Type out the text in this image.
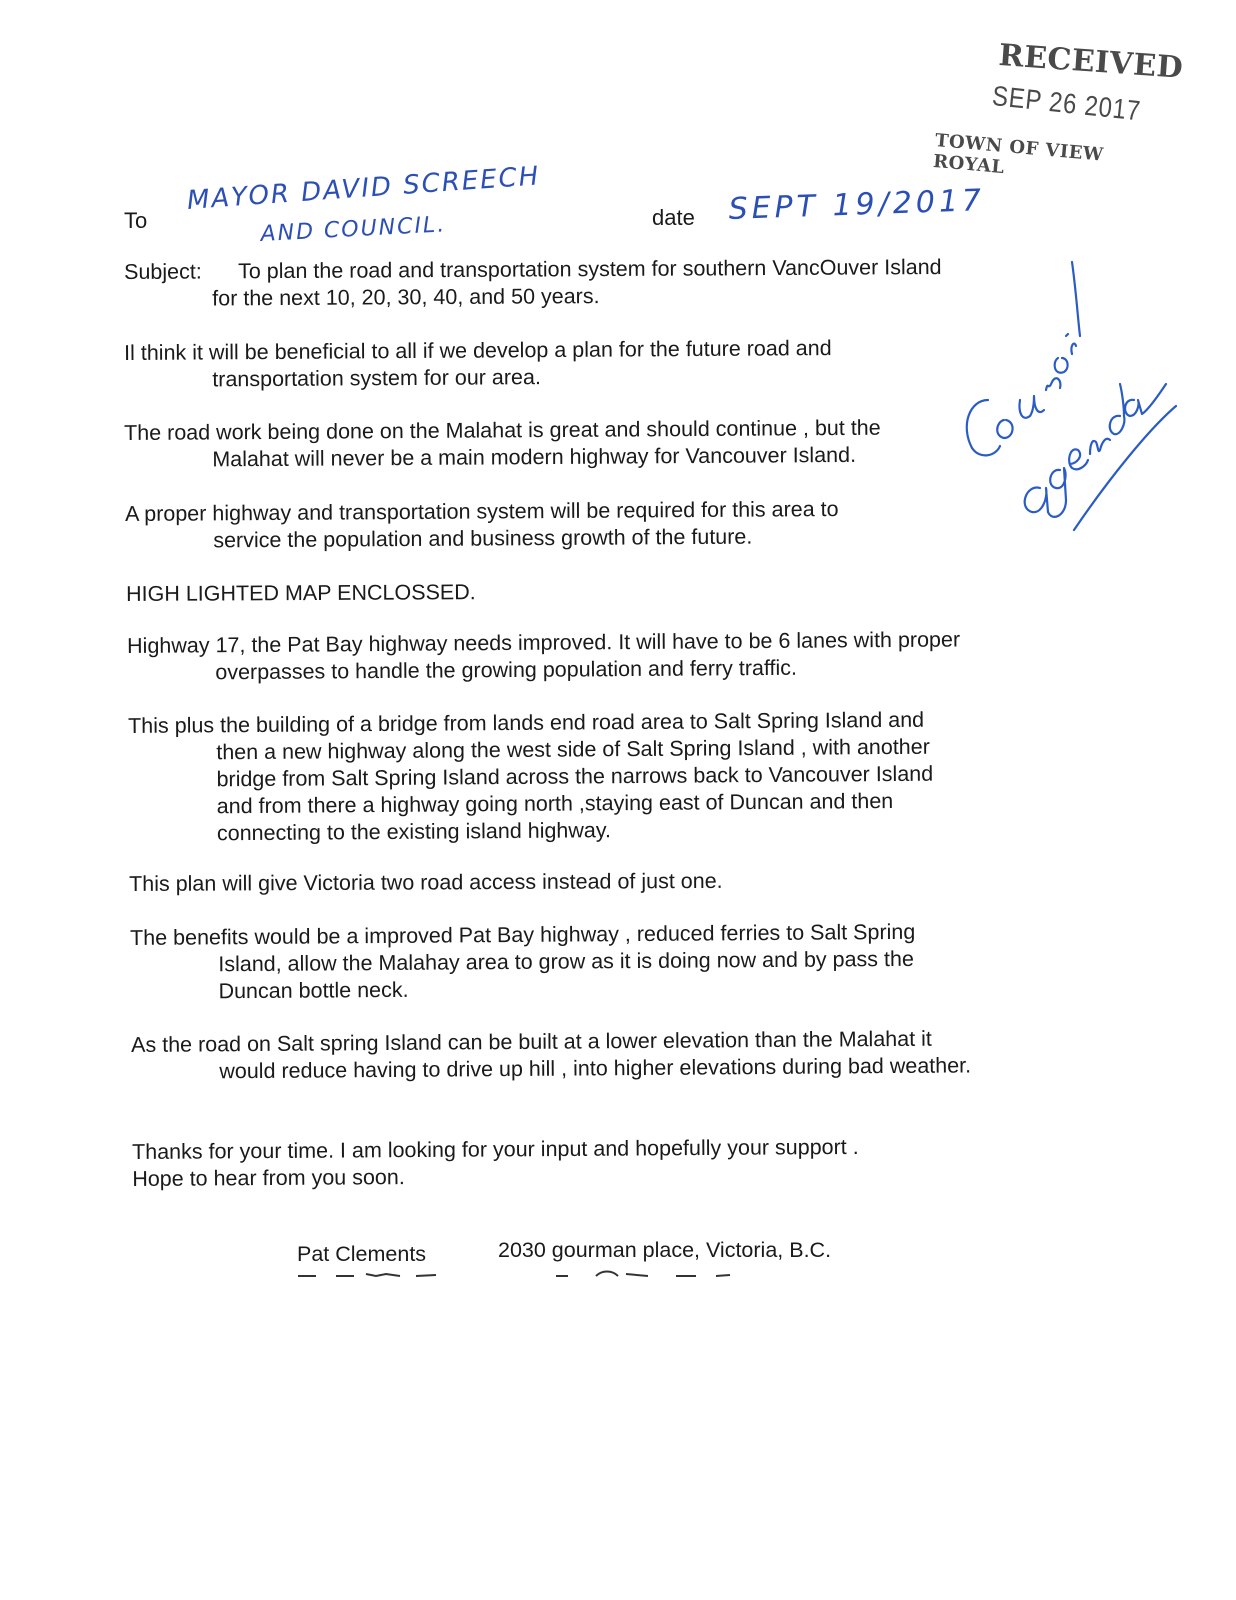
RECEIVED
SEP 26 2017
TOWN OF VIEW ROYAL
To
MAYOR DAVID SCREECH
AND COUNCIL.	date SEPT 19/2017
Subject: To plan the road and transportation system for southern VancOuver Island
for the next 10, 20, 30, 40, and 50 years.
Il think it will be beneficial to all if we develop a plan for the future road and
transportation system for our area.
The road work being done on the Malahat is great and should continue , but the
Malahat will never be a main modern highway for Vancouver Island.
A proper highway and transportation system will be required for this area to
service the population and business growth of the future.
HIGH LIGHTED MAP ENCLOSSED.
Highway 17, the Pat Bay highway needs improved. It will have to be 6 lanes with proper
overpasses to handle the growing population and ferry traffic.
This plus the building of a bridge from lands end road area to Salt Spring Island and
then a new highway along the west side of Salt Spring Island , with another
bridge from Salt Spring Island across the narrows back to Vancouver Island
and from there a highway going north ,staying east of Duncan and then
connecting to the existing island highway.
This plan will give Victoria two road access instead of just one.
The benefits would be a improved Pat Bay highway , reduced ferries to Salt Spring
Island, allow the Malahay area to grow as it is doing now and by pass the
Duncan bottle neck.
As the road on Salt spring Island can be built at a lower elevation than the Malahat it
would reduce having to drive up hill , into higher elevations during bad weather.
Thanks for your time. I am looking for your input and hopefully your support .
Hope to hear from you soon.
Pat Clements	2030 gourman place, Victoria, B.C.
